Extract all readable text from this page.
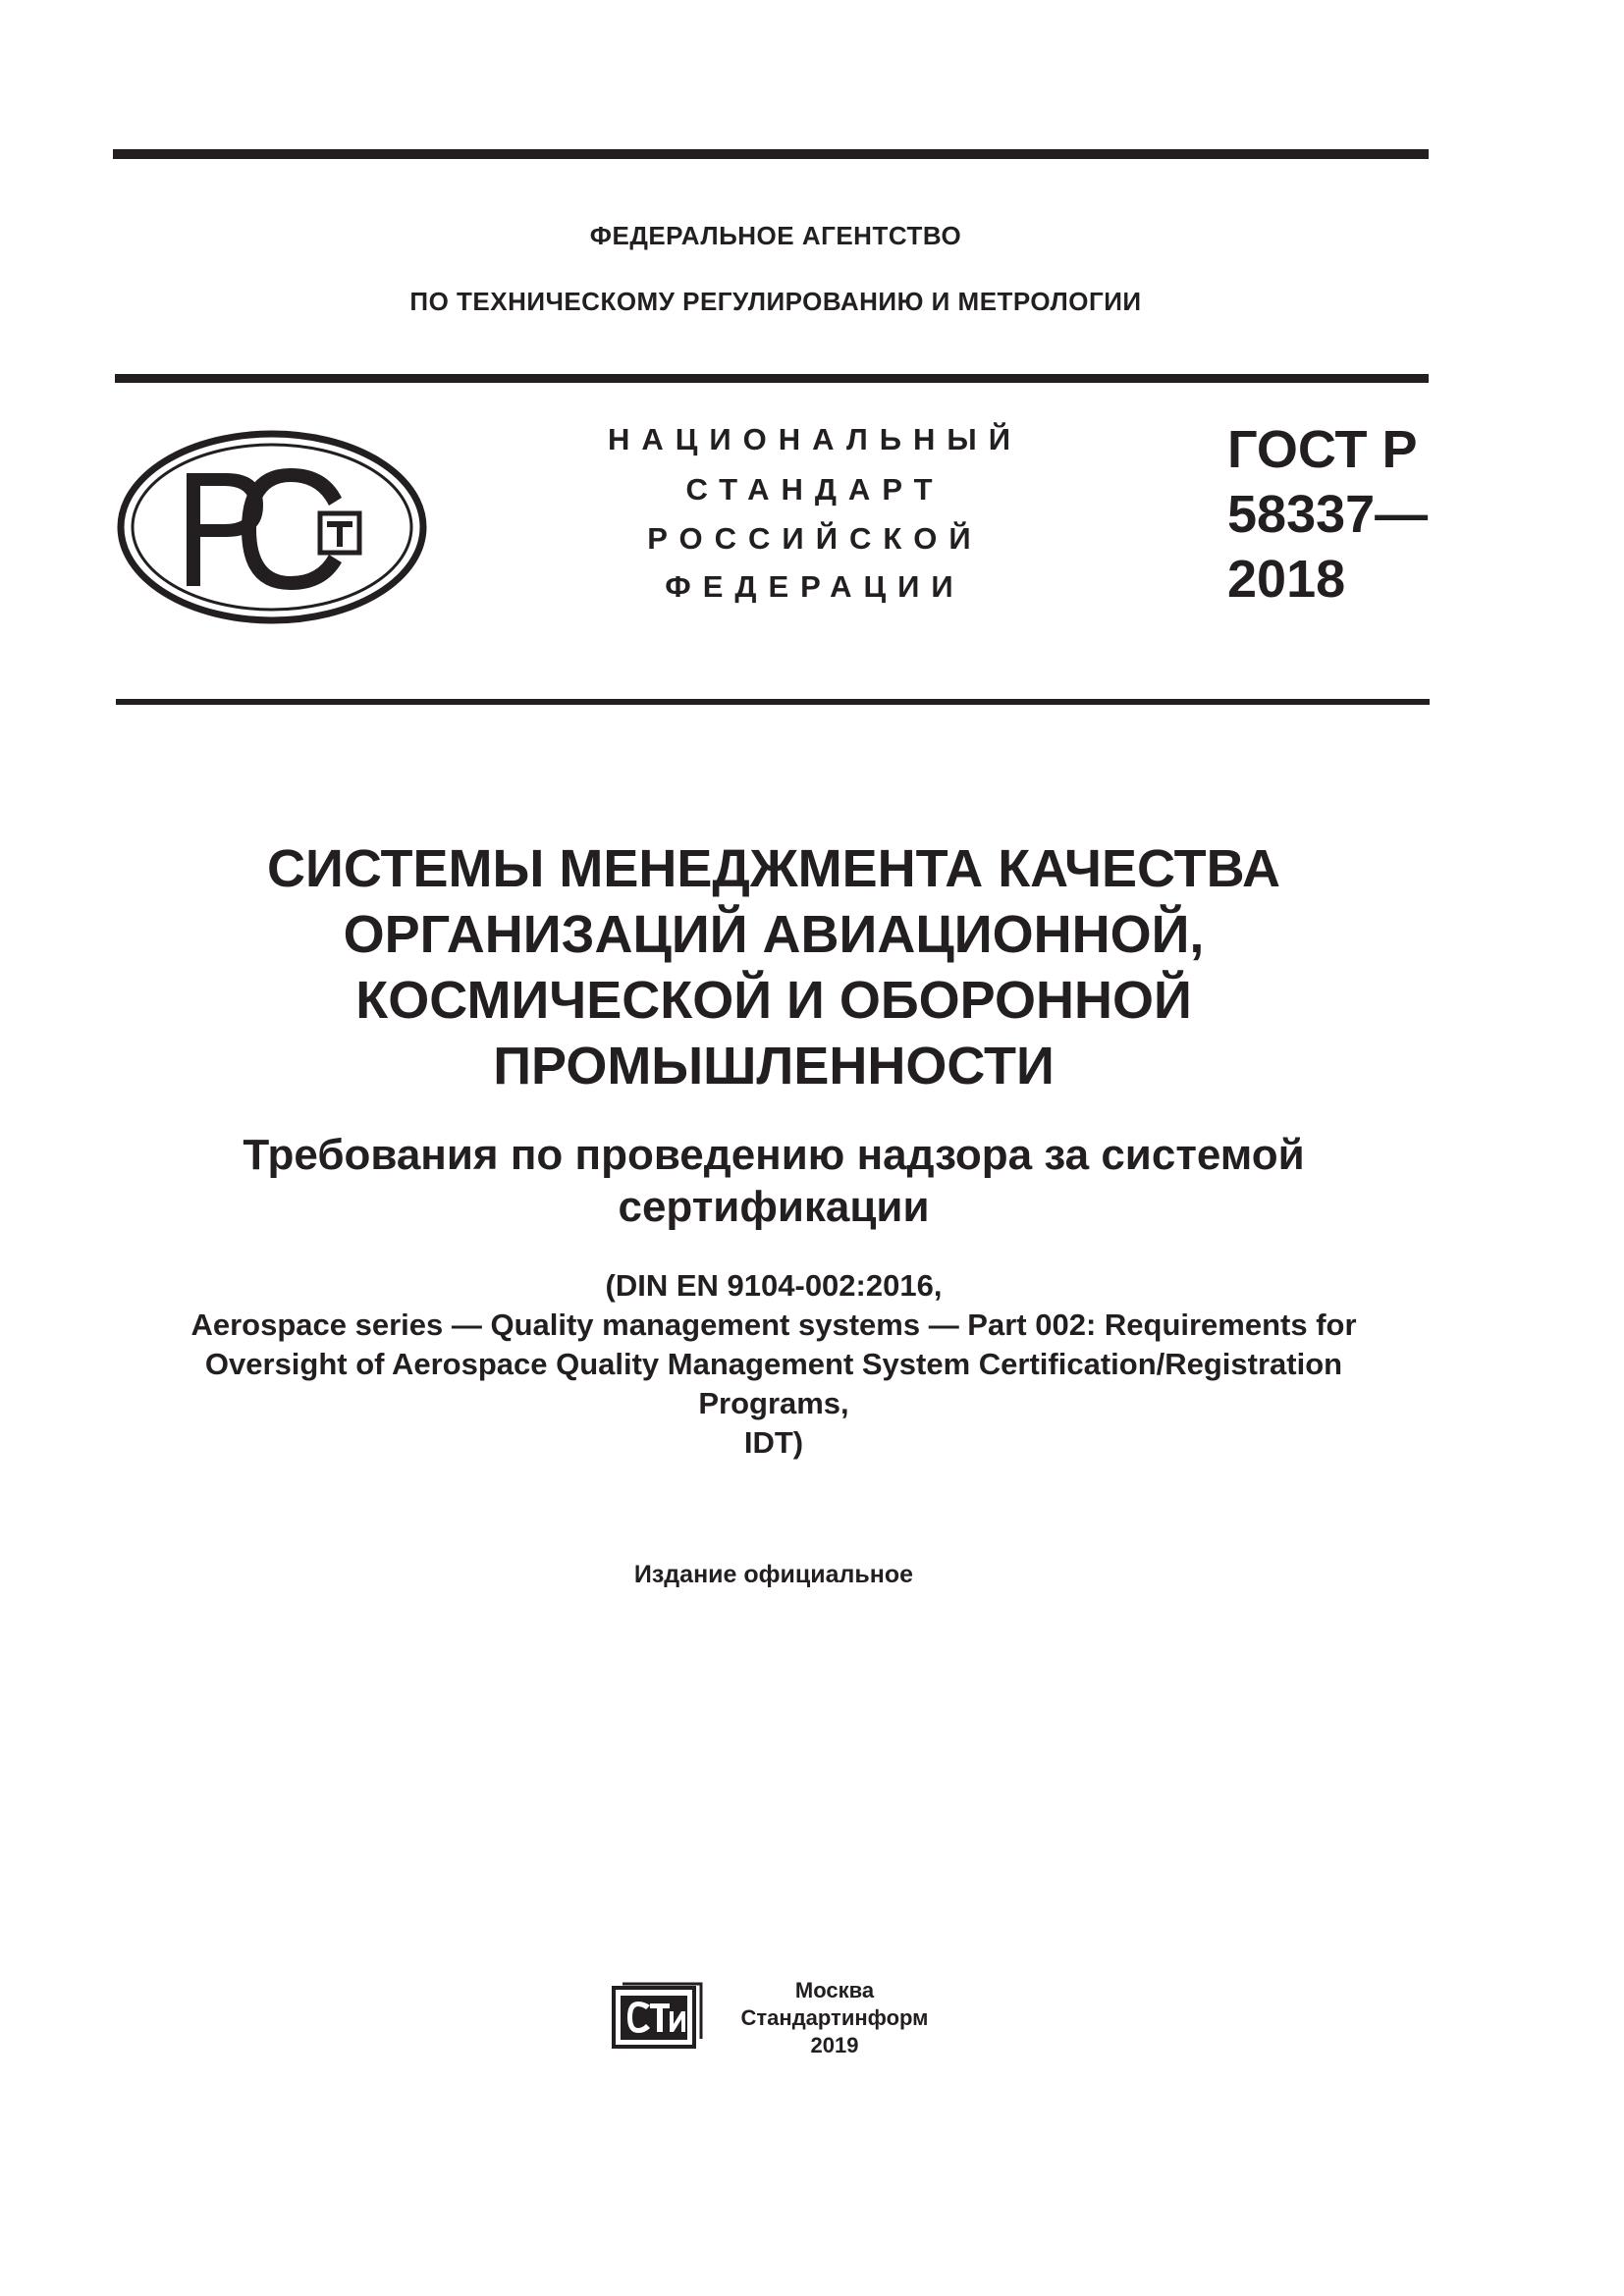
ФЕДЕРАЛЬНОЕ АГЕНТСТВО
ПО ТЕХНИЧЕСКОМУ РЕГУЛИРОВАНИЮ И МЕТРОЛОГИИ
НАЦИОНАЛЬНЫЙ
СТАНДАРТ
РОССИЙСКОЙ
ФЕДЕРАЦИИ
ГОСТ Р
58337—
2018
СИСТЕМЫ МЕНЕДЖМЕНТА КАЧЕСТВА
ОРГАНИЗАЦИЙ АВИАЦИОННОЙ,
КОСМИЧЕСКОЙ И ОБОРОННОЙ
ПРОМЫШЛЕННОСТИ
Требования по проведению надзора за системой
сертификации
(DIN EN 9104-002:2016,
Aerospace series — Quality management systems — Part 002: Requirements for
Oversight of Aerospace Quality Management System Certification/Registration
Programs,
IDT)
Издание официальное
Москва
Стандартинформ
2019
